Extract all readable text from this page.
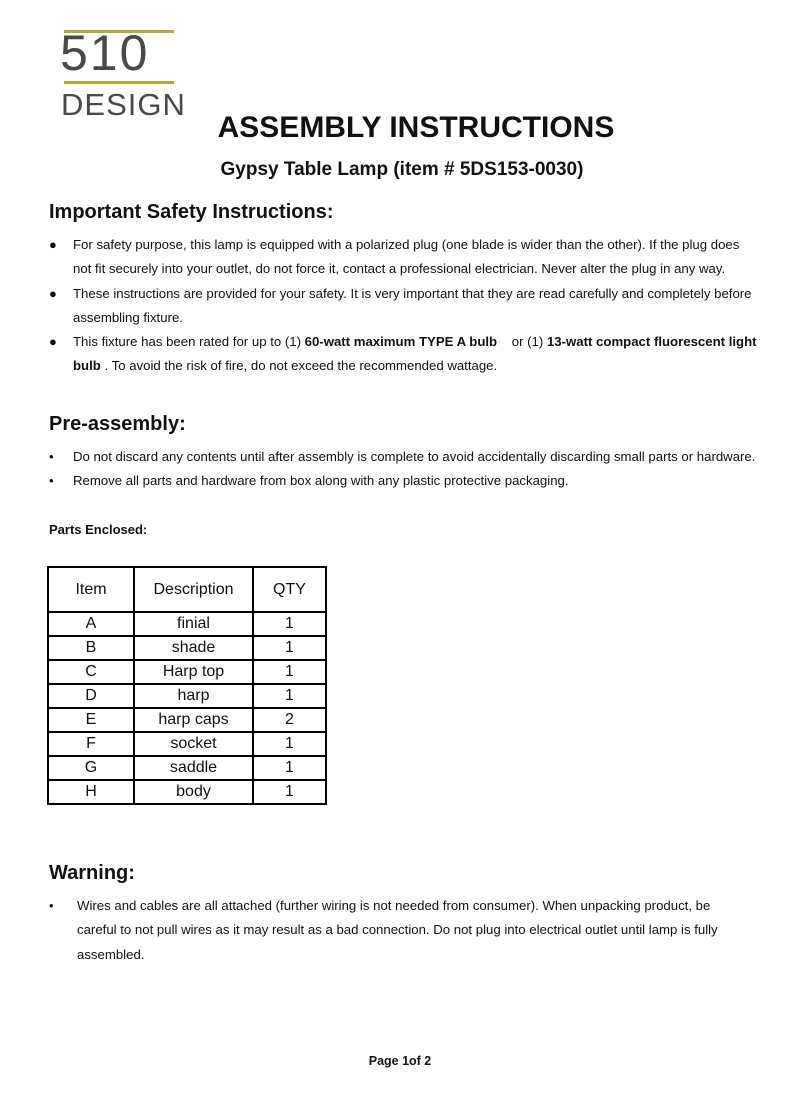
510
DESIGN
ASSEMBLY INSTRUCTIONS
Gypsy Table Lamp (item # 5DS153-0030)
Important Safety Instructions:
● For safety purpose, this lamp is equipped with a polarized plug (one blade is wider than the other). If the plug does not fit securely into your outlet, do not force it, contact a professional electrician. Never alter the plug in any way.
● These instructions are provided for your safety. It is very important that they are read carefully and completely before assembling fixture.
● This fixture has been rated for up to (1) 60-watt maximum TYPE A bulb    or (1) 13-watt compact fluorescent light bulb . To avoid the risk of fire, do not exceed the recommended wattage.
Pre-assembly:
• Do not discard any contents until after assembly is complete to avoid accidentally discarding small parts or hardware.
• Remove all parts and hardware from box along with any plastic protective packaging.
Parts Enclosed:
Item	Description	QTY
A	finial	1
B	shade	1
C	Harp top	1
D	harp	1
E	harp caps	2
F	socket	1
G	saddle	1
H	body	1
Warning:
• Wires and cables are all attached (further wiring is not needed from consumer). When unpacking product, be careful to not pull wires as it may result as a bad connection. Do not plug into electrical outlet until lamp is fully assembled.
Page 1of 2
